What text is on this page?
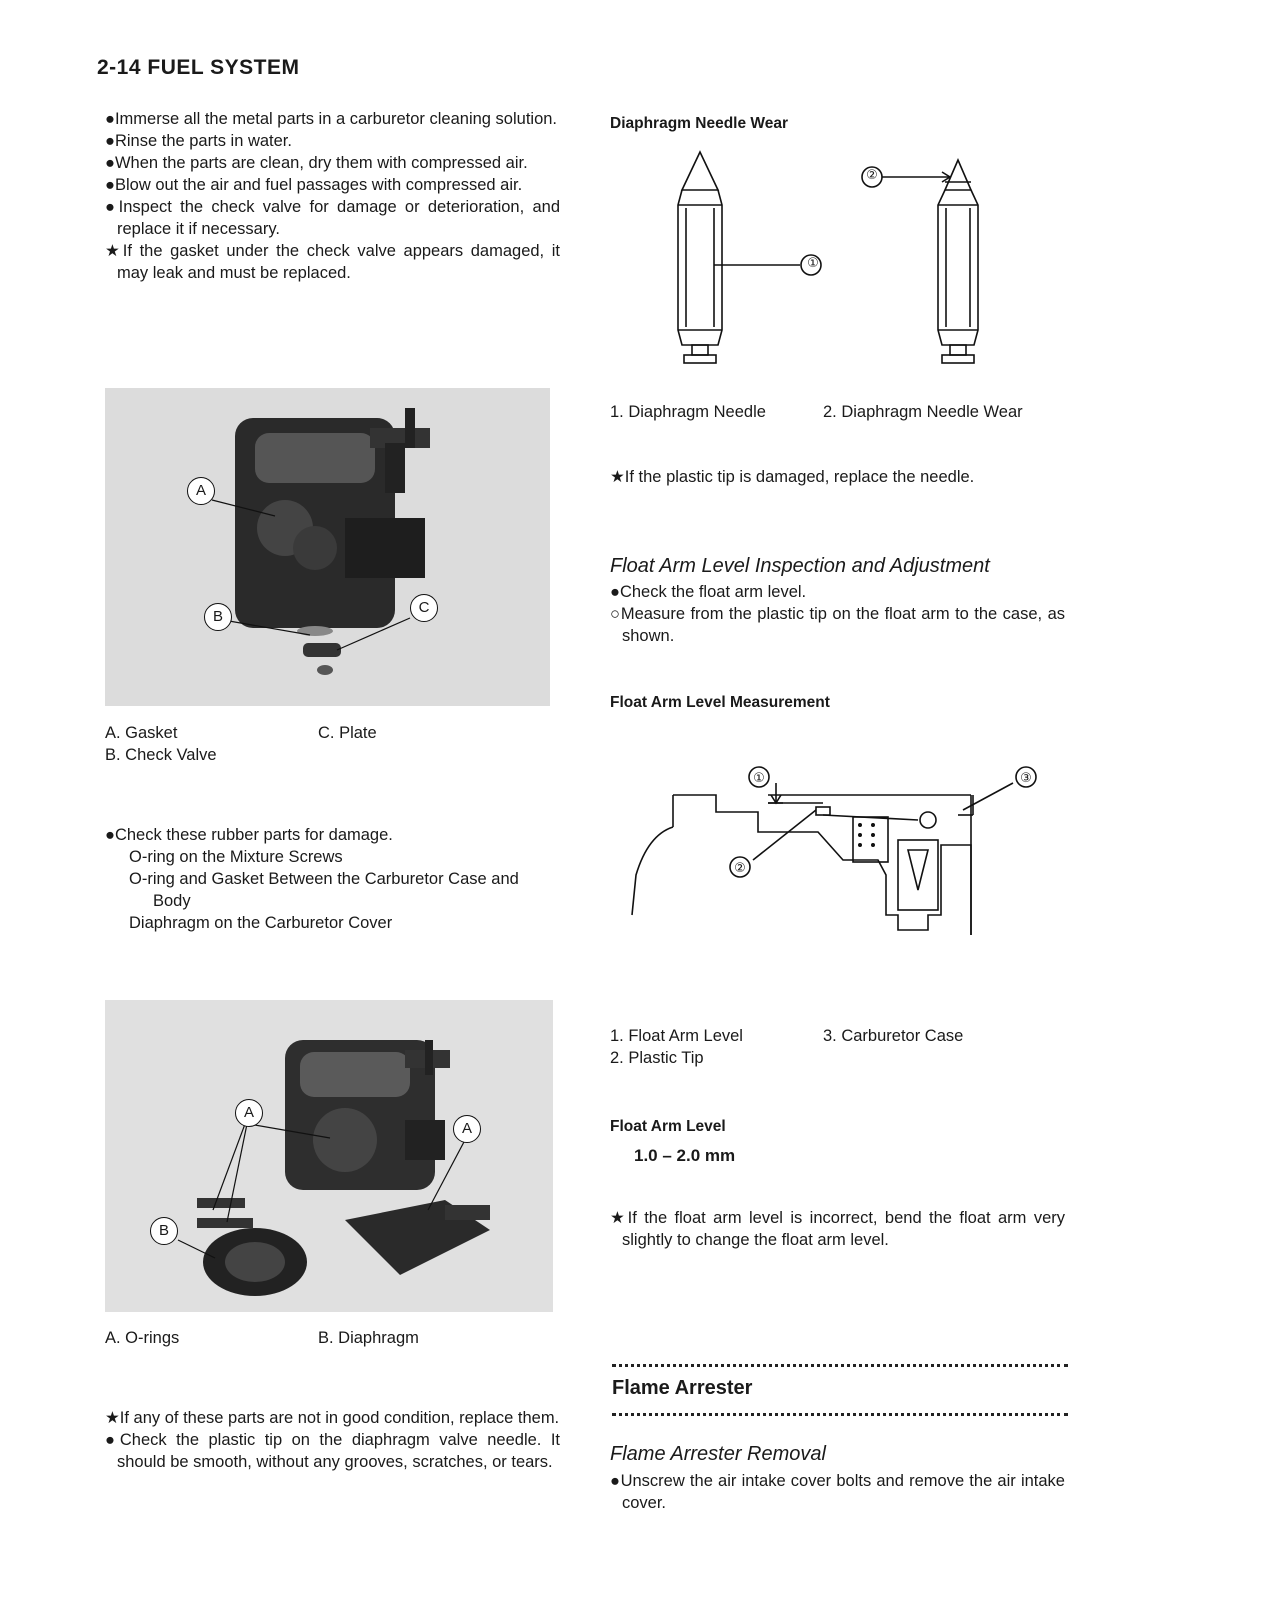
2-14 FUEL SYSTEM

●Immerse all the metal parts in a carburetor cleaning solution.

●Rinse the parts in water.

●When the parts are clean, dry them with compressed air.

●Blow out the air and fuel passages with compressed air.

●Inspect the check valve for damage or deterioration, and replace it if necessary.

★If the gasket under the check valve appears damaged, it may leak and must be replaced.

A
B
C
A. Gasket	C. Plate
B. Check Valve

●Check these rubber parts for damage.

O-ring on the Mixture Screws

O-ring and Gasket Between the Carburetor Case and Body

Diaphragm on the Carburetor Cover

A
A
B
A. O-rings	B. Diaphragm

★If any of these parts are not in good condition, replace them.

●Check the plastic tip on the diaphragm valve needle. It should be smooth, without any grooves, scratches, or tears.

Diaphragm Needle Wear
①
②
1. Diaphragm Needle	2. Diaphragm Needle Wear
★If the plastic tip is damaged, replace the needle.
Float Arm Level Inspection and Adjustment

●Check the float arm level.

○Measure from the plastic tip on the float arm to the case, as shown.

Float Arm Level Measurement
①
②
③
1. Float Arm Level	3. Carburetor Case
2. Plastic Tip
Float Arm Level
1.0 – 2.0 mm

★If the float arm level is incorrect, bend the float arm very slightly to change the float arm level.

Flame Arrester
Flame Arrester Removal

●Unscrew the air intake cover bolts and remove the air intake cover.
